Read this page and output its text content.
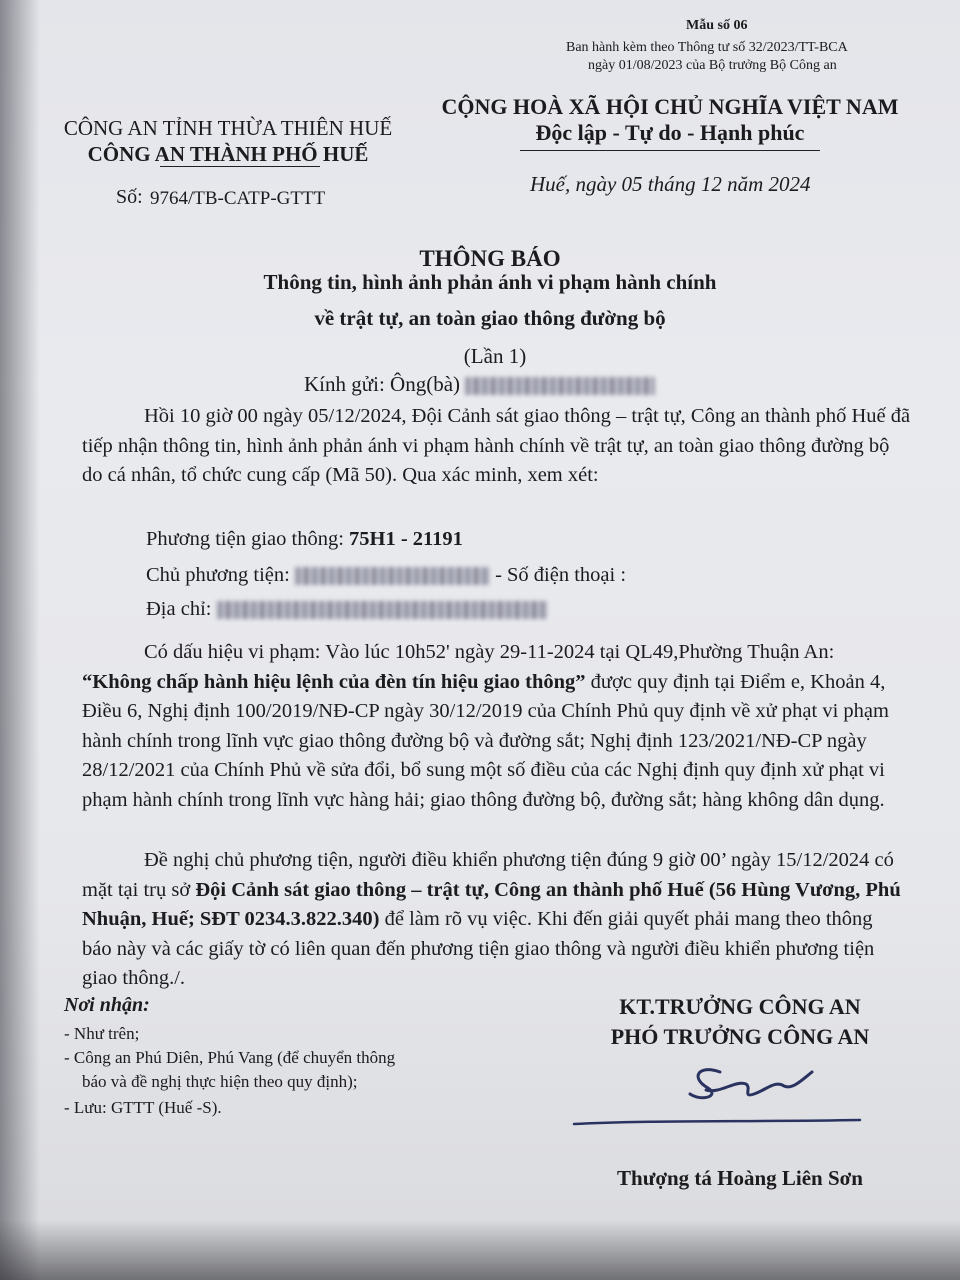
Mẫu số 06
Ban hành kèm theo Thông tư số 32/2023/TT-BCA
ngày 01/08/2023 của Bộ trưởng Bộ Công an
CÔNG AN TỈNH THỪA THIÊN HUẾ
CÔNG AN THÀNH PHỐ HUẾ
Số: 9764/TB-CATP-GTTT
CỘNG HOÀ XÃ HỘI CHỦ NGHĨA VIỆT NAM
Độc lập - Tự do - Hạnh phúc
Huế, ngày 05 tháng 12 năm 2024
THÔNG BÁO
Thông tin, hình ảnh phản ánh vi phạm hành chính
về trật tự, an toàn giao thông đường bộ
(Lần 1)
Kính gửi: Ông(bà)
Hồi 10 giờ 00 ngày 05/12/2024, Đội Cảnh sát giao thông – trật tự, Công an thành phố Huế đã tiếp nhận thông tin, hình ảnh phản ánh vi phạm hành chính về trật tự, an toàn giao thông đường bộ do cá nhân, tổ chức cung cấp (Mã 50). Qua xác minh, xem xét:
Phương tiện giao thông: 75H1 - 21191
Chủ phương tiện:	- Số điện thoại :
Địa chỉ:
Có dấu hiệu vi phạm: Vào lúc 10h52' ngày 29-11-2024 tại QL49,Phường Thuận An: “Không chấp hành hiệu lệnh của đèn tín hiệu giao thông” được quy định tại Điểm e, Khoản 4, Điều 6, Nghị định 100/2019/NĐ-CP ngày 30/12/2019 của Chính Phủ quy định về xử phạt vi phạm hành chính trong lĩnh vực giao thông đường bộ và đường sắt; Nghị định 123/2021/NĐ-CP ngày 28/12/2021 của Chính Phủ về sửa đổi, bổ sung một số điều của các Nghị định quy định xử phạt vi phạm hành chính trong lĩnh vực hàng hải; giao thông đường bộ, đường sắt; hàng không dân dụng.
Đề nghị chủ phương tiện, người điều khiển phương tiện đúng 9 giờ 00’ ngày 15/12/2024 có mặt tại trụ sở Đội Cảnh sát giao thông – trật tự, Công an thành phố Huế (56 Hùng Vương, Phú Nhuận, Huế; SĐT 0234.3.822.340) để làm rõ vụ việc. Khi đến giải quyết phải mang theo thông báo này và các giấy tờ có liên quan đến phương tiện giao thông và người điều khiển phương tiện giao thông./.
Nơi nhận:
- Như trên;
- Công an Phú Diên, Phú Vang (để chuyển thông
báo và đề nghị thực hiện theo quy định);
- Lưu: GTTT (Huế -S).
KT.TRƯỞNG CÔNG AN
PHÓ TRƯỞNG CÔNG AN
Thượng tá Hoàng Liên Sơn
